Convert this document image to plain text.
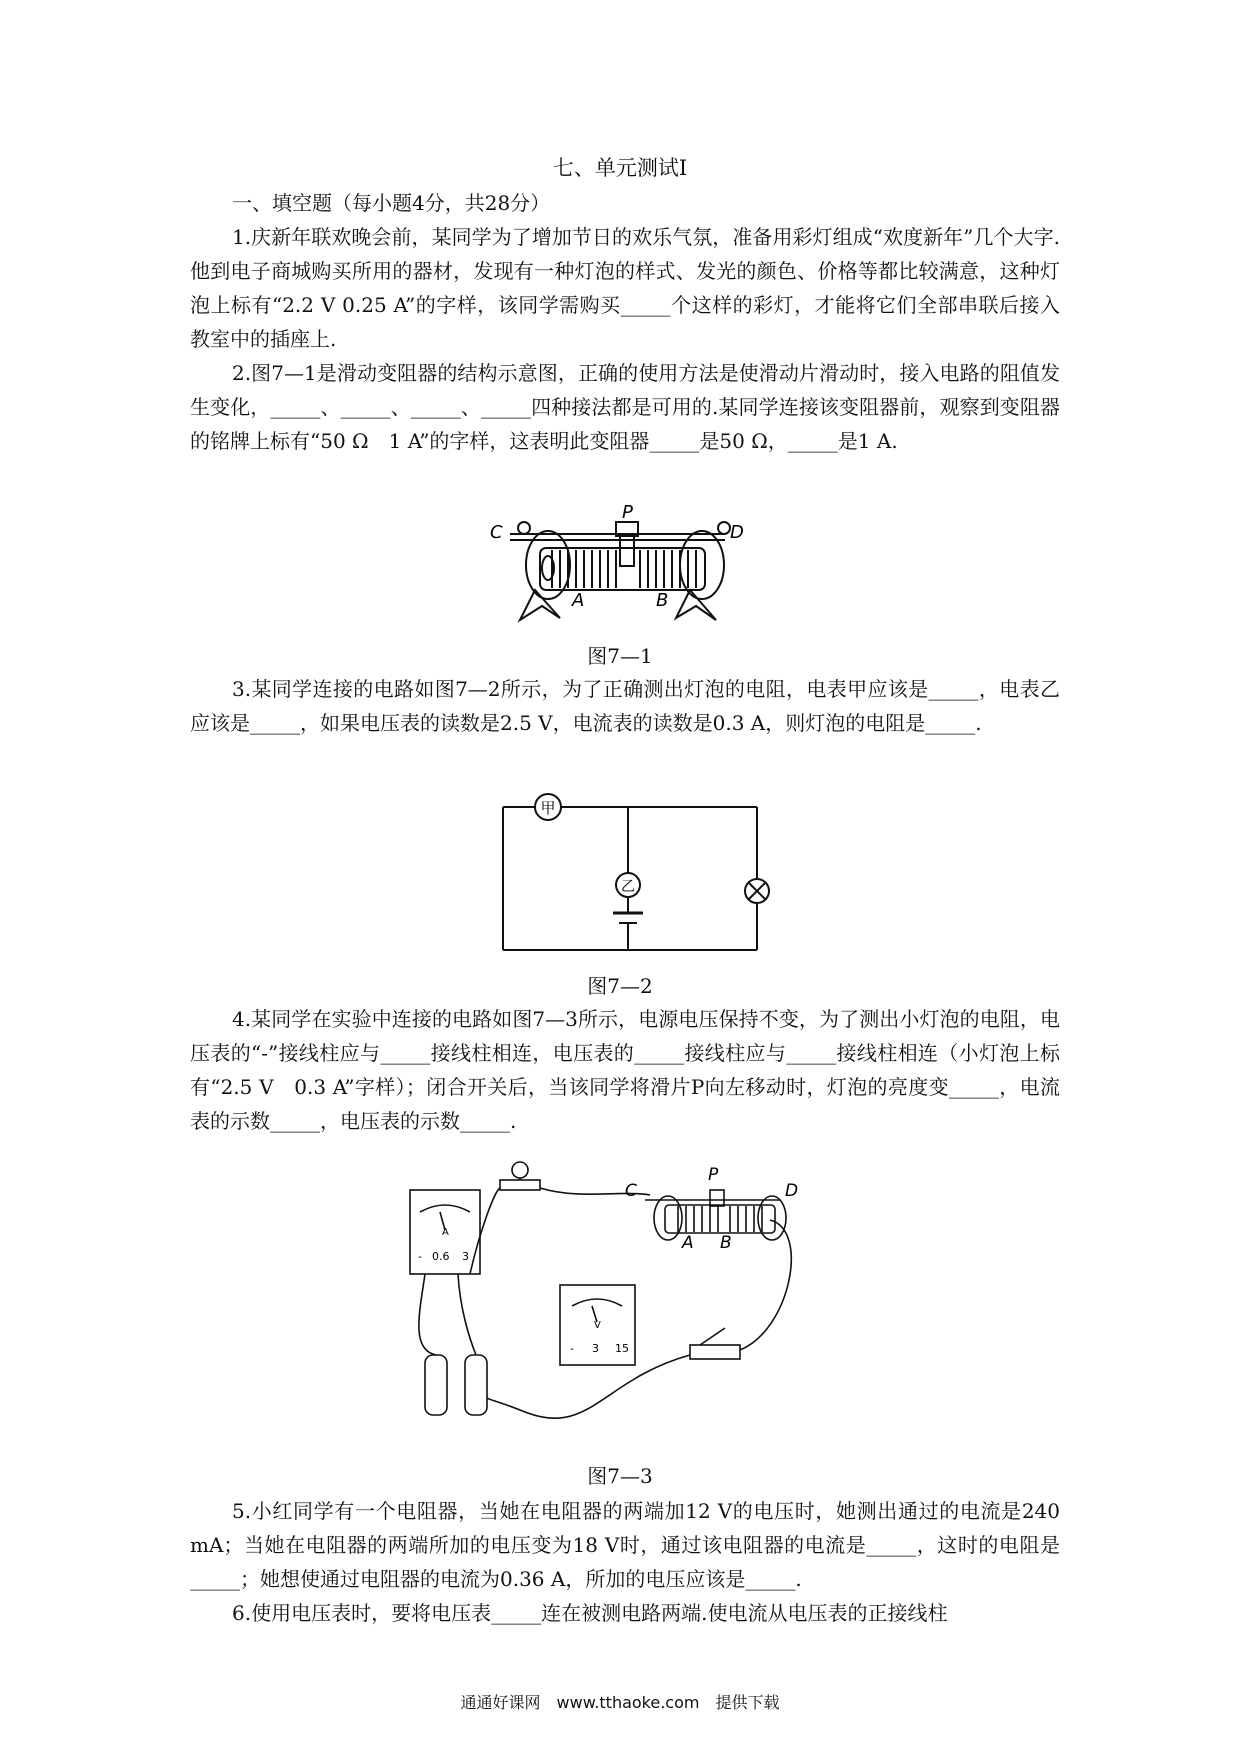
七、单元测试Ⅰ
一、填空题（每小题4分，共28分）
1.庆新年联欢晚会前，某同学为了增加节日的欢乐气氛，准备用彩灯组成“欢度新年”几个大字.他到电子商城购买所用的器材，发现有一种灯泡的样式、发光的颜色、价格等都比较满意，这种灯泡上标有“2.2 V 0.25 A”的字样，该同学需购买_____个这样的彩灯，才能将它们全部串联后接入教室中的插座上.
2.图7—1是滑动变阻器的结构示意图，正确的使用方法是使滑动片滑动时，接入电路的阻值发生变化，_____、_____、_____、_____四种接法都是可用的.某同学连接该变阻器前，观察到变阻器的铭牌上标有“50 Ω　1 A”的字样，这表明此变阻器_____是50 Ω，_____是1 A.
C	D
P
A	B
图7—1
3.某同学连接的电路如图7—2所示，为了正确测出灯泡的电阻，电表甲应该是_____，电表乙应该是_____，如果电压表的读数是2.5 V，电流表的读数是0.3 A，则灯泡的电阻是_____.
甲
乙
图7—2
4.某同学在实验中连接的电路如图7—3所示，电源电压保持不变，为了测出小灯泡的电阻，电压表的“-”接线柱应与_____接线柱相连，电压表的_____接线柱应与_____接线柱相连（小灯泡上标有“2.5 V　0.3 A”字样）；闭合开关后，当该同学将滑片P向左移动时，灯泡的亮度变_____，电流表的示数_____，电压表的示数_____.
A
- 0.6 3
V
- 3 15
C	D
P
A B
图7—3
5.小红同学有一个电阻器，当她在电阻器的两端加12 V的电压时，她测出通过的电流是240 mA；当她在电阻器的两端所加的电压变为18 V时，通过该电阻器的电流是_____，这时的电阻是_____；她想使通过电阻器的电流为0.36 A，所加的电压应该是_____.
6.使用电压表时，要将电压表_____连在被测电路两端.使电流从电压表的正接线柱
通通好课网　www.tthaoke.com　提供下载
